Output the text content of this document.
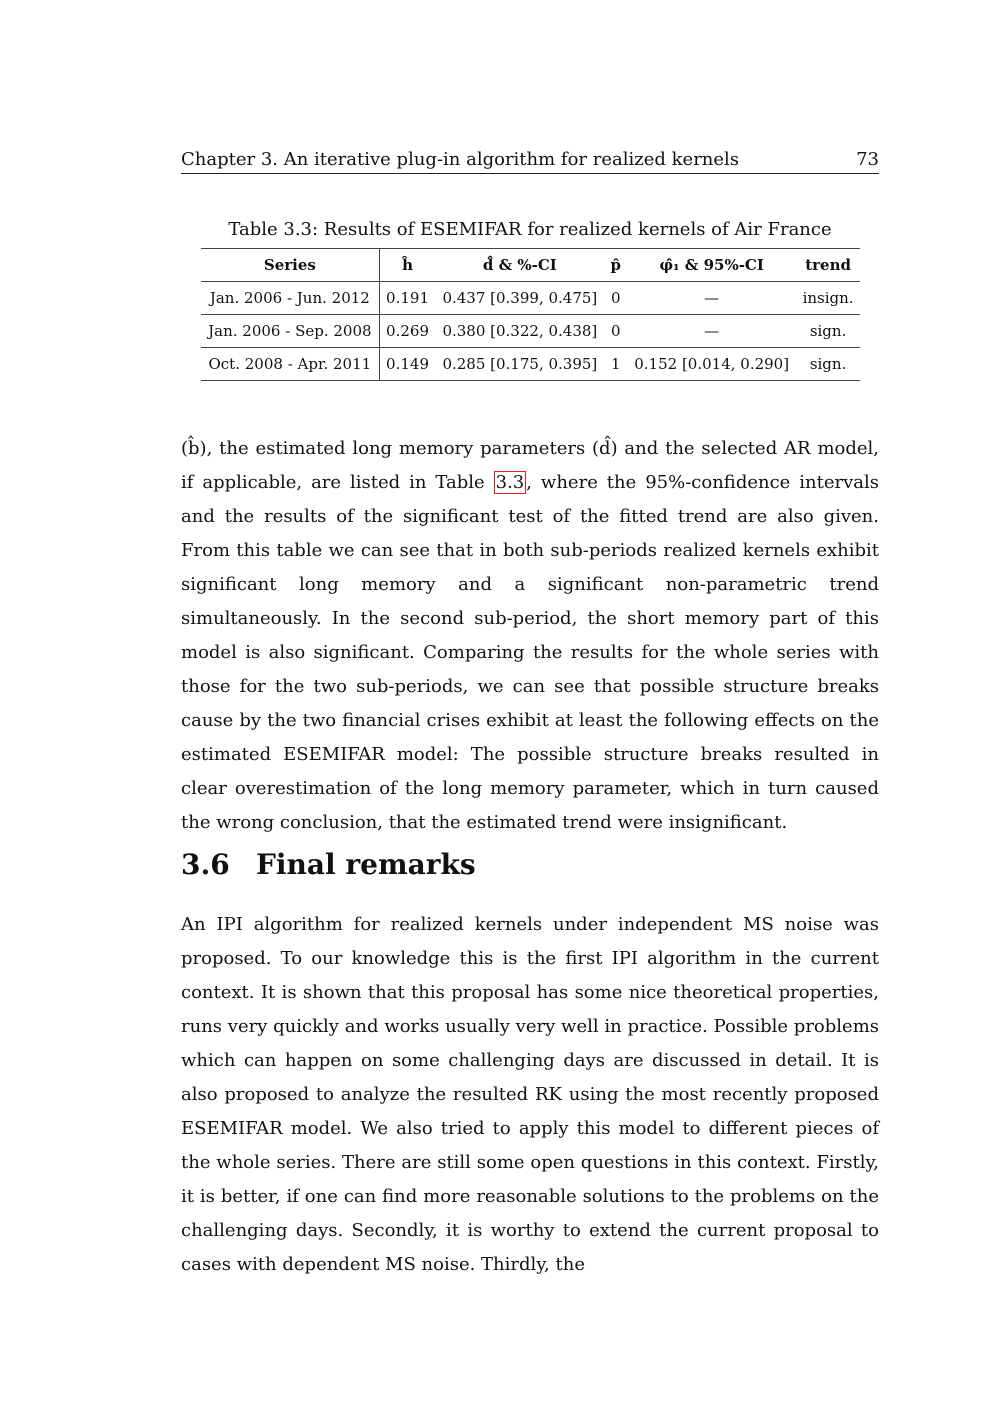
Chapter 3. An iterative plug-in algorithm for realized kernels	73
Table 3.3: Results of ESEMIFAR for realized kernels of Air France
Series	ĥ	d̂ & %-CI	p̂	φ̂₁ & 95%-CI	trend
Jan. 2006 - Jun. 2012	0.191	0.437 [0.399, 0.475]	0	—	insign.
Jan. 2006 - Sep. 2008	0.269	0.380 [0.322, 0.438]	0	—	sign.
Oct. 2008 - Apr. 2011	0.149	0.285 [0.175, 0.395]	1	0.152 [0.014, 0.290]	sign.

(b̂), the estimated long memory parameters (d̂) and the selected AR model, if applicable, are listed in Table 3.3 , where the 95%-confidence intervals and the results of the significant test of the fitted trend are also given. From this table we can see that in both sub-periods realized kernels exhibit significant long memory and a significant non-parametric trend simultaneously. In the second sub-period, the short memory part of this model is also significant. Comparing the results for the whole series with those for the two sub-periods, we can see that possible structure breaks cause by the two financial crises exhibit at least the following effects on the estimated ESEMIFAR model: The possible structure breaks resulted in clear overestimation of the long memory parameter, which in turn caused the wrong conclusion, that the estimated trend were insignificant.

3.6 Final remarks

An IPI algorithm for realized kernels under independent MS noise was proposed. To our knowledge this is the first IPI algorithm in the current context. It is shown that this proposal has some nice theoretical properties, runs very quickly and works usually very well in practice. Possible problems which can happen on some challenging days are discussed in detail. It is also proposed to analyze the resulted RK using the most recently proposed ESEMIFAR model. We also tried to apply this model to different pieces of the whole series. There are still some open questions in this context. Firstly, it is better, if one can find more reasonable solutions to the problems on the challenging days. Secondly, it is worthy to extend the current proposal to cases with dependent MS noise. Thirdly, the
